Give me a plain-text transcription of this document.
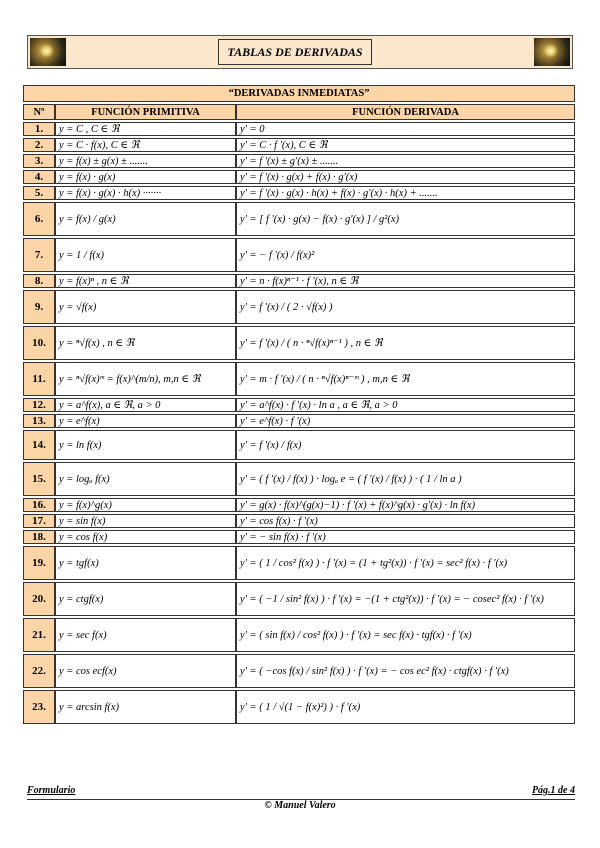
TABLAS DE DERIVADAS
“DERIVADAS INMEDIATAS”		
Nº	FUNCIÓN PRIMITIVA	FUNCIÓN DERIVADA
1.	y = C , C ∈ ℜ	y' = 0
2.	y = C · f(x), C ∈ ℜ	y' = C · f '(x), C ∈ ℜ
3.	y = f(x) ± g(x) ± .......	y' = f '(x) ± g'(x) ± .......
4.	y = f(x) · g(x)	y' = f '(x) · g(x) + f(x) · g'(x)
5.	y = f(x) · g(x) · h(x) ·······	y' = f '(x) · g(x) · h(x) + f(x) · g'(x) · h(x) + .......
6.	y = f(x) / g(x)	y' = [ f '(x) · g(x) − f(x) · g'(x) ] / g²(x)
7.	y = 1 / f(x)	y' = − f '(x) / f(x)²
8.	y = f(x)ⁿ , n ∈ ℜ	y' = n · f(x)ⁿ⁻¹ · f '(x), n ∈ ℜ
9.	y = √f(x)	y' = f '(x) / ( 2 · √f(x) )
10.	y = ⁿ√f(x) , n ∈ ℜ	y' = f '(x) / ( n · ⁿ√f(x)ⁿ⁻¹ ) , n ∈ ℜ
11.	y = ⁿ√f(x)ᵐ = f(x)^(m/n), m,n ∈ ℜ	y' = m · f '(x) / ( n · ⁿ√f(x)ⁿ⁻ᵐ ) , m,n ∈ ℜ
12.	y = a^f(x), a ∈ ℜ, a > 0	y' = a^f(x) · f '(x) · ln a , a ∈ ℜ, a > 0
13.	y = e^f(x)	y' = e^f(x) · f '(x)
14.	y = ln f(x)	y' = f '(x) / f(x)
15.	y = logₐ f(x)	y' = ( f '(x) / f(x) ) · logₐ e = ( f '(x) / f(x) ) · ( 1 / ln a )
16.	y = f(x)^g(x)	y' = g(x) · f(x)^(g(x)−1) · f '(x) + f(x)^g(x) · g'(x) · ln f(x)
17.	y = sin f(x)	y' = cos f(x) · f '(x)
18.	y = cos f(x)	y' = − sin f(x) · f '(x)
19.	y = tgf(x)	y' = ( 1 / cos² f(x) ) · f '(x) = (1 + tg²(x)) · f '(x) = sec² f(x) · f '(x)
20.	y = ctgf(x)	y' = ( −1 / sin² f(x) ) · f '(x) = −(1 + ctg²(x)) · f '(x) = − cosec² f(x) · f '(x)
21.	y = sec f(x)	y' = ( sin f(x) / cos² f(x) ) · f '(x) = sec f(x) · tgf(x) · f '(x)
22.	y = cos ecf(x)	y' = ( −cos f(x) / sin² f(x) ) · f '(x) = − cos ec² f(x) · ctgf(x) · f '(x)
23.	y = arcsin f(x)	y' = ( 1 / √(1 − f(x)²) ) · f '(x)
Formulario	Pág.1 de 4
© Manuel Valero
